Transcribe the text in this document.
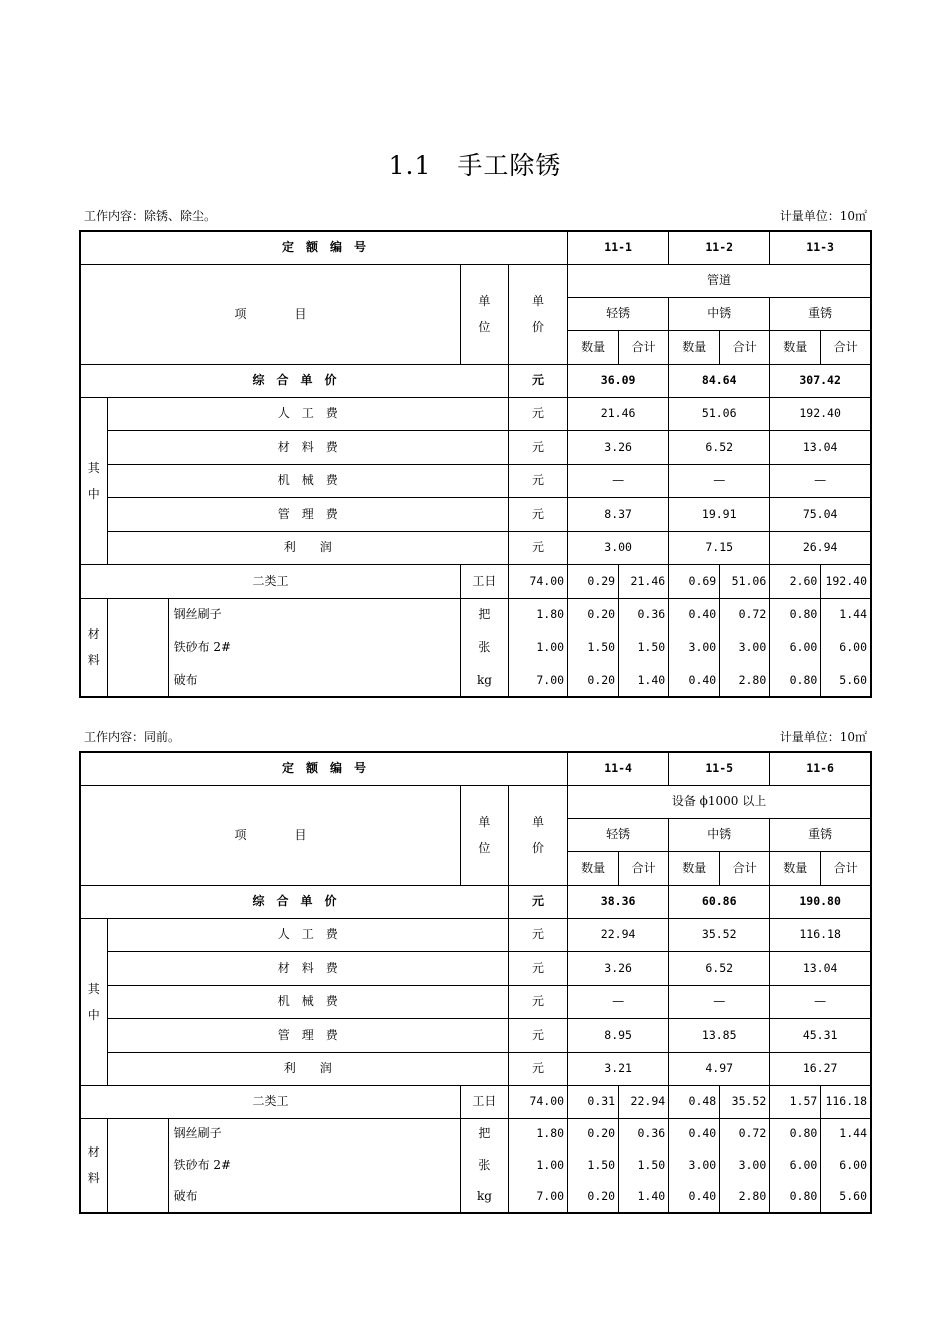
1.1　手工除锈
工作内容：除锈、除尘。	计量单位：10㎡
定　额　编　号					11-1		11-2		11-3	
项　　　　目			单位	单价	管道					
					轻锈		中锈		重锈	
					数量	合计	数量	合计	数量	合计
综　合　单　价				元	36.09		84.64		307.42	
其中	人　工　费			元	21.46		51.06		192.40	
	材　料　费			元	3.26		6.52		13.04	
	机　械　费			元	—		—		—	
	管　理　费			元	8.37		19.91		75.04	
	利　　润			元	3.00		7.15		26.94	
二类工			工日	74.00	0.29	21.46	0.69	51.06	2.60	192.40
材料		钢丝刷子	把	1.80	0.20	0.36	0.40	0.72	0.80	1.44
		铁砂布 2#	张	1.00	1.50	1.50	3.00	3.00	6.00	6.00
		破布	kg	7.00	0.20	1.40	0.40	2.80	0.80	5.60
工作内容：同前。	计量单位：10㎡
定　额　编　号					11-4		11-5		11-6	
项　　　　目			单位	单价	设备 ϕ1000 以上					
					轻锈		中锈		重锈	
					数量	合计	数量	合计	数量	合计
综　合　单　价				元	38.36		60.86		190.80	
其中	人　工　费			元	22.94		35.52		116.18	
	材　料　费			元	3.26		6.52		13.04	
	机　械　费			元	—		—		—	
	管　理　费			元	8.95		13.85		45.31	
	利　　润			元	3.21		4.97		16.27	
二类工			工日	74.00	0.31	22.94	0.48	35.52	1.57	116.18
材料		钢丝刷子	把	1.80	0.20	0.36	0.40	0.72	0.80	1.44
		铁砂布 2#	张	1.00	1.50	1.50	3.00	3.00	6.00	6.00
		破布	kg	7.00	0.20	1.40	0.40	2.80	0.80	5.60
